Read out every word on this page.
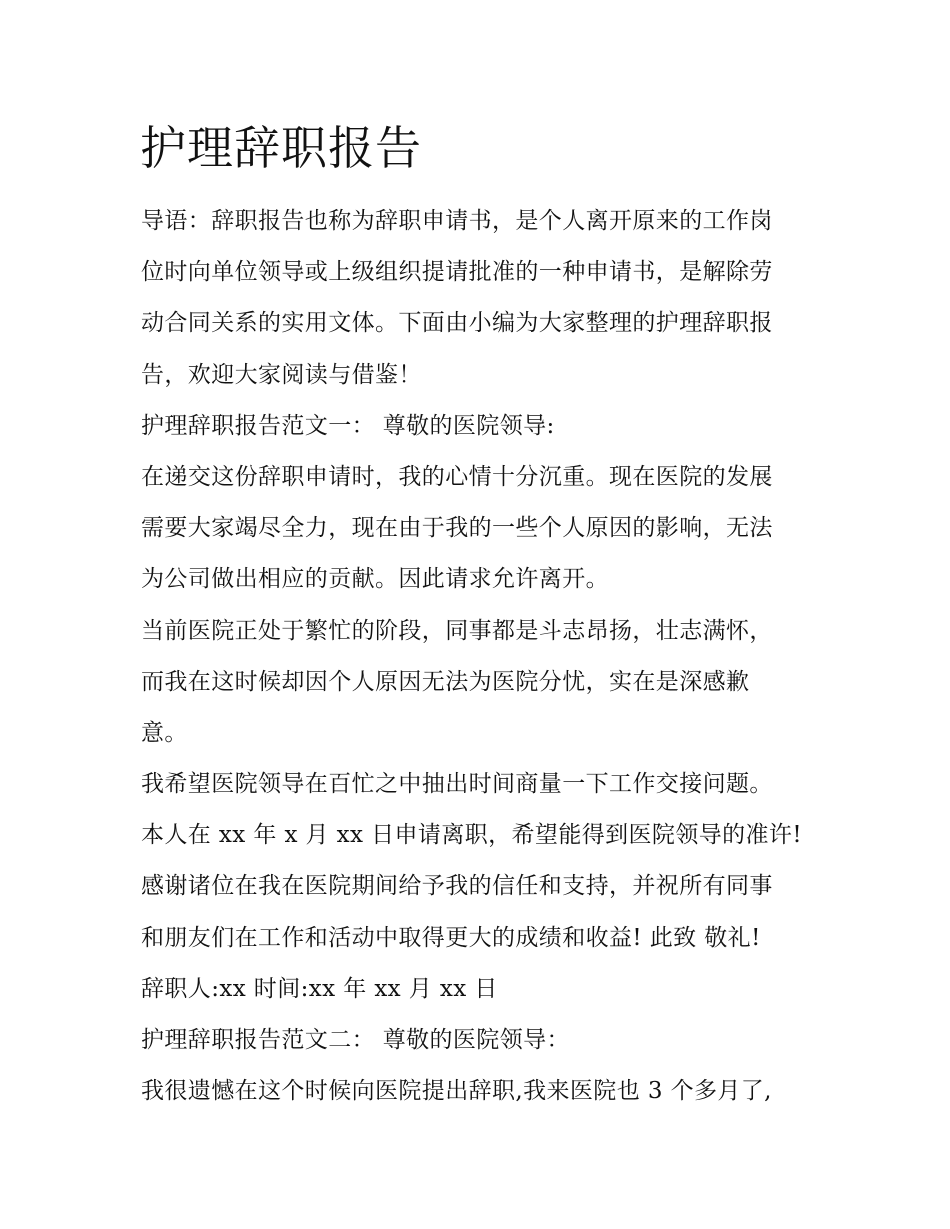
护理辞职报告
导语：辞职报告也称为辞职申请书，是个人离开原来的工作岗
位时向单位领导或上级组织提请批准的一种申请书，是解除劳
动合同关系的实用文体。下面由小编为大家整理的护理辞职报
告，欢迎大家阅读与借鉴！
护理辞职报告范文一： 尊敬的医院领导:
在递交这份辞职申请时，我的心情十分沉重。现在医院的发展
需要大家竭尽全力，现在由于我的一些个人原因的影响，无法
为公司做出相应的贡献。因此请求允许离开。
当前医院正处于繁忙的阶段，同事都是斗志昂扬，壮志满怀，
而我在这时候却因个人原因无法为医院分忧，实在是深感歉
意。
我希望医院领导在百忙之中抽出时间商量一下工作交接问题。
本人在 xx 年 x 月 xx 日申请离职，希望能得到医院领导的准许!
感谢诸位在我在医院期间给予我的信任和支持，并祝所有同事
和朋友们在工作和活动中取得更大的成绩和收益! 此致 敬礼!
辞职人:xx 时间:xx 年 xx 月 xx 日
护理辞职报告范文二： 尊敬的医院领导：
我很遗憾在这个时候向医院提出辞职,我来医院也 3 个多月了,
